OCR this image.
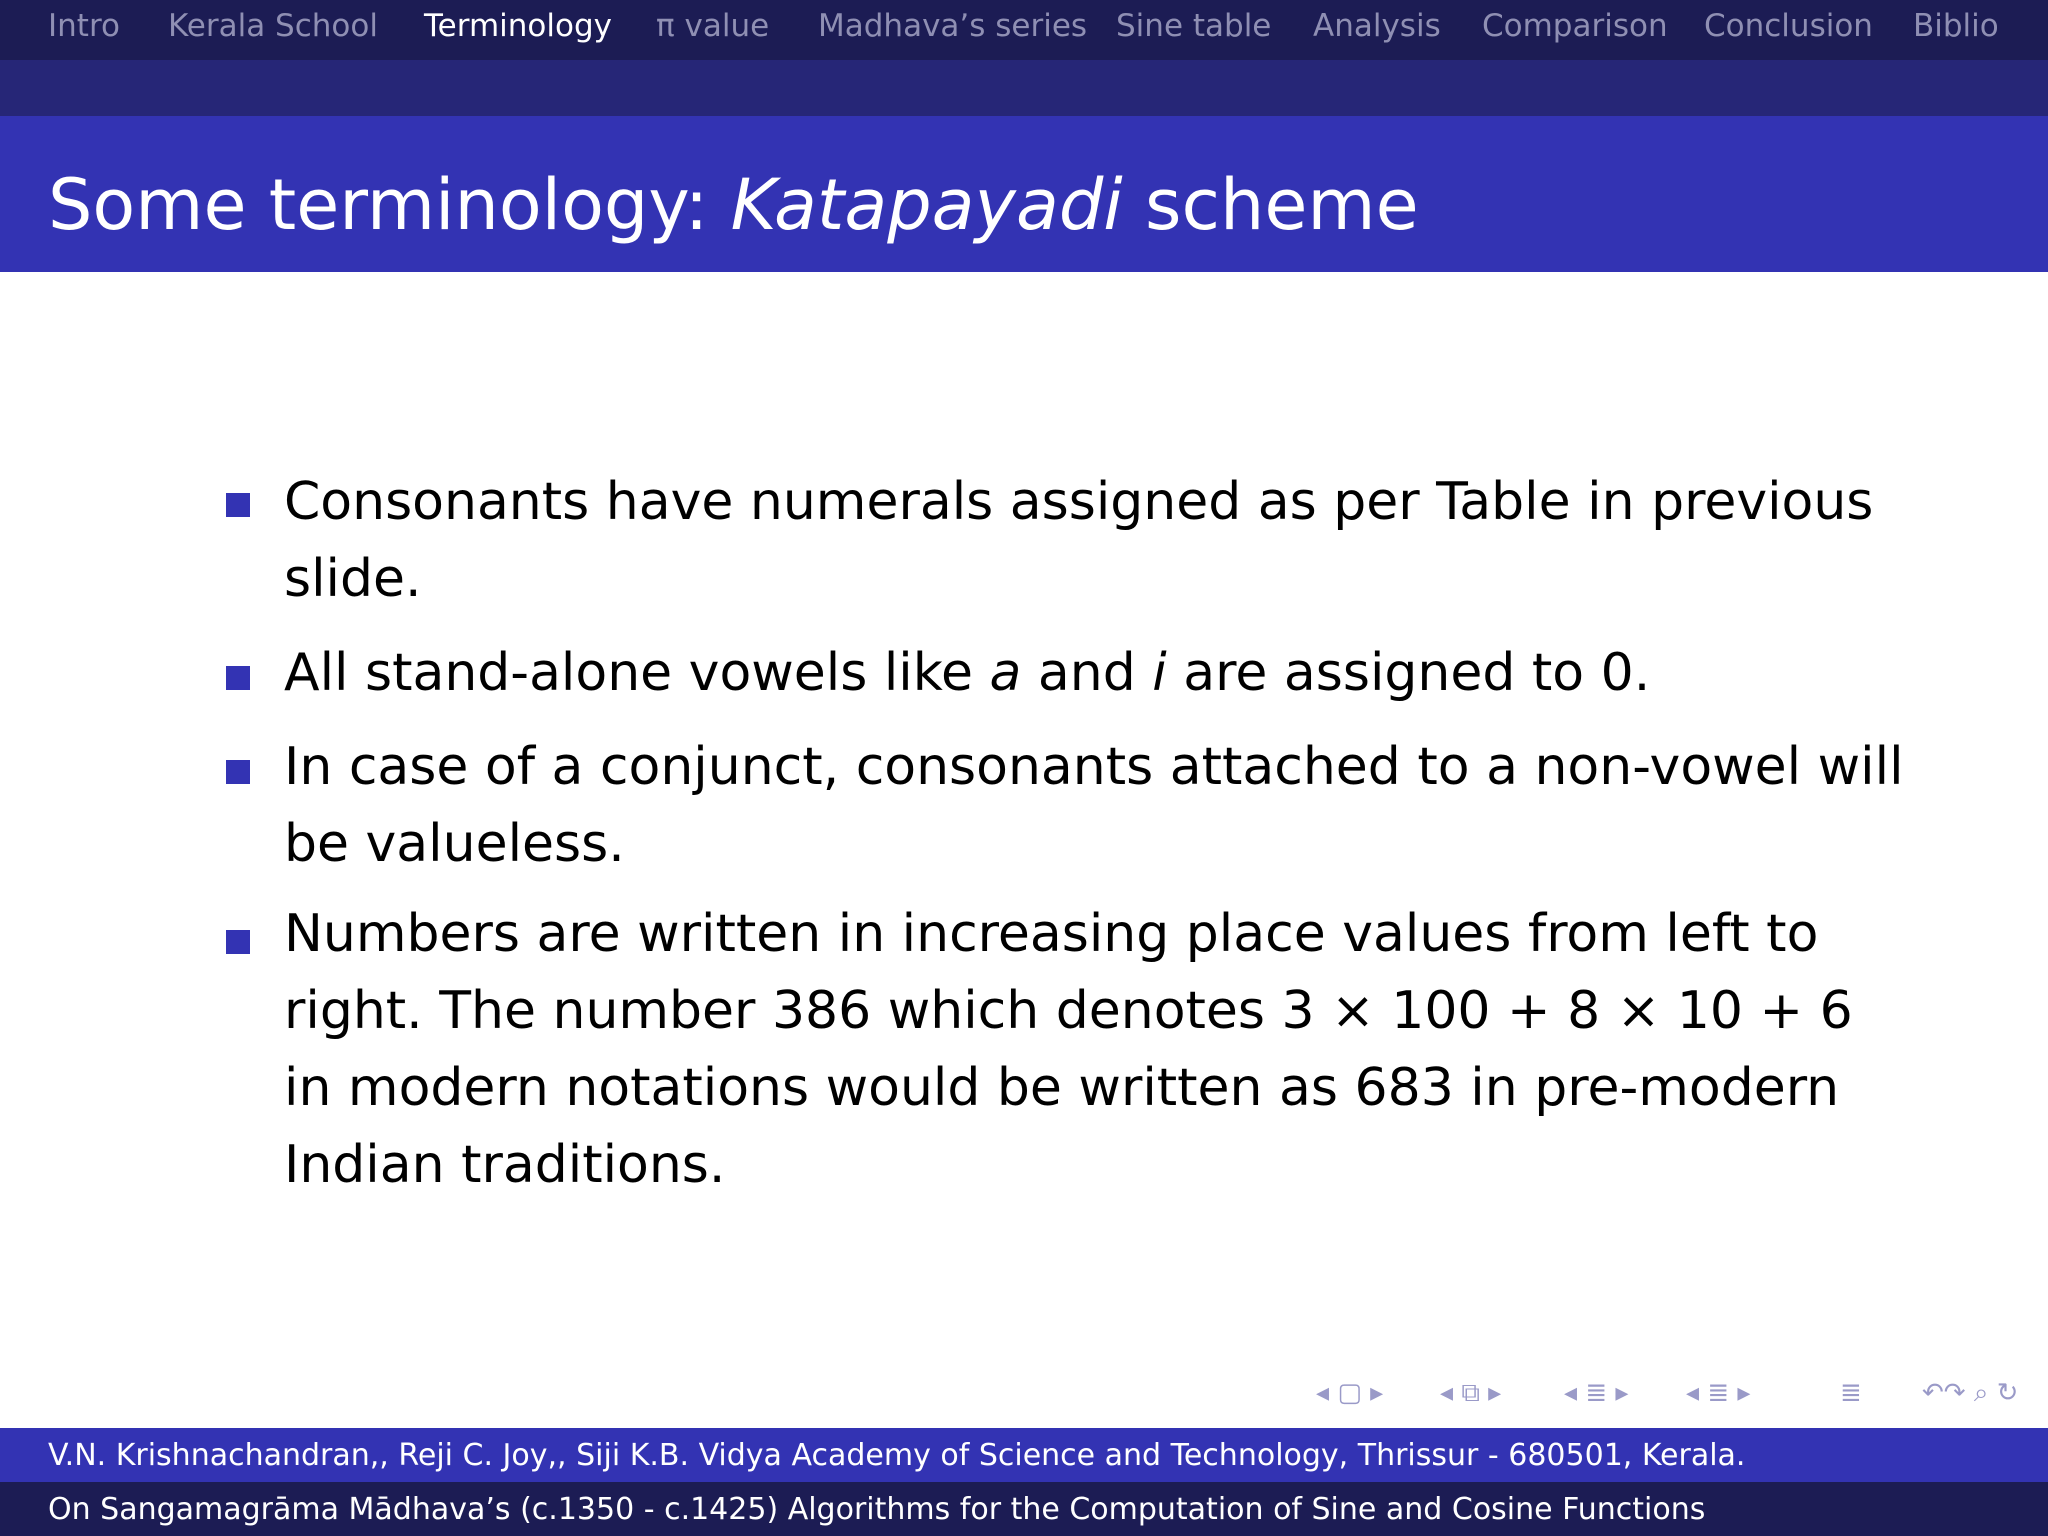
Intro Kerala School Terminology π value Madhava’s series Sine table Analysis Comparison Conclusion Biblio
Some terminology: Katapayadi scheme
Consonants have numerals assigned as per Table in previous slide.
All stand-alone vowels like a and i are assigned to 0.
In case of a conjunct, consonants attached to a non-vowel will be valueless.
Numbers are written in increasing place values from left to right. The number 386 which denotes 3 × 100 + 8 × 10 + 6 in modern notations would be written as 683 in pre-modern Indian traditions.
◂ ▢ ▸ ◂ ⧉ ▸ ◂ ≣ ▸ ◂ ≣ ▸	≣ ↶↷ ⌕ ↻
V.N. Krishnachandran,, Reji C. Joy,, Siji K.B. Vidya Academy of Science and Technology, Thrissur - 680501, Kerala.
On Sangamagrāma Mādhava’s (c.1350 - c.1425) Algorithms for the Computation of Sine and Cosine Functions
